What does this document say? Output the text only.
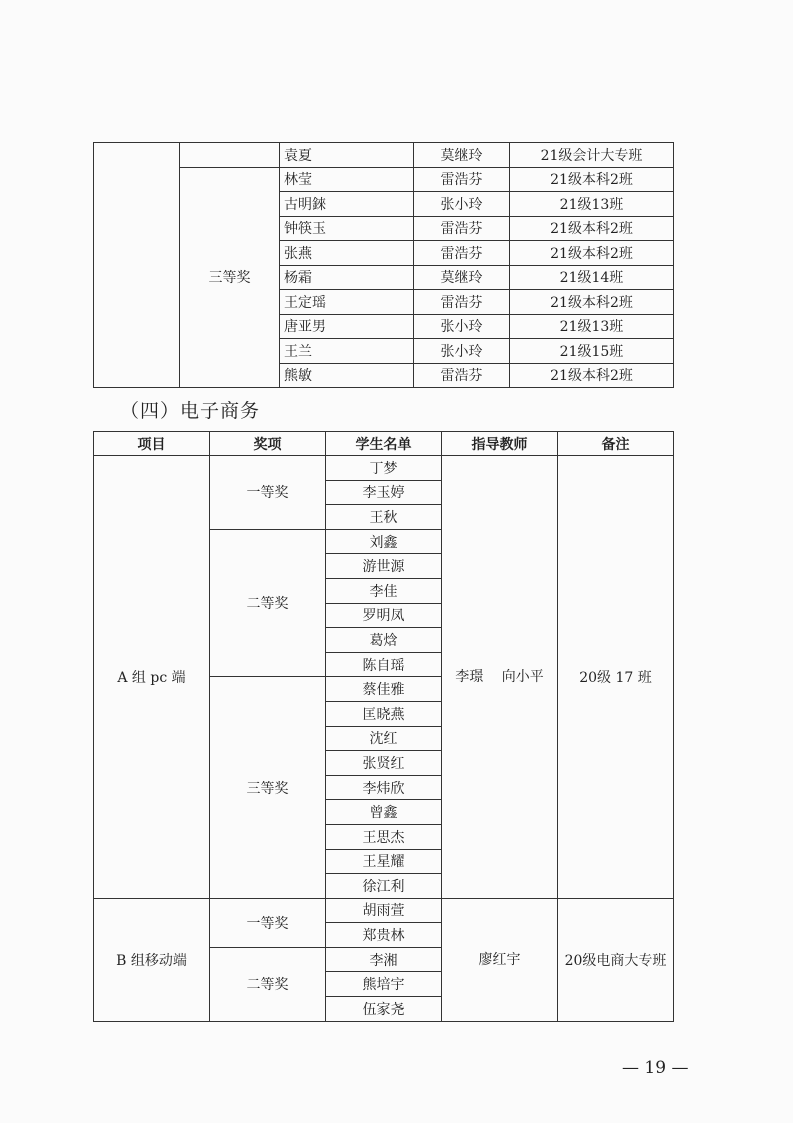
		袁夏	莫继玲	21级会计大专班
	三等奖	林莹	雷浩芬	21级本科2班
		古明錸	张小玲	21级13班
		钟筷玉	雷浩芬	21级本科2班
		张燕	雷浩芬	21级本科2班
		杨霜	莫继玲	21级14班
		王定瑶	雷浩芬	21级本科2班
		唐亚男	张小玲	21级13班
		王兰	张小玲	21级15班
		熊敏	雷浩芬	21级本科2班
（四）电子商务
项目	奖项	学生名单	指导教师	备注
A 组 pc 端	一等奖	丁梦	李璟　 向小平	20级 17 班
		李玉婷		
		王秋		
	二等奖	刘鑫		
		游世源		
		李佳		
		罗明凤		
		葛焓		
		陈自瑶		
	三等奖	蔡佳雅		
		匡晓燕		
		沈红		
		张贤红		
		李炜欣		
		曾鑫		
		王思杰		
		王星耀		
		徐江利		
B 组移动端	一等奖	胡雨萱	廖红宇	20级电商大专班
		郑贵林		
	二等奖	李湘		
		熊培宇		
		伍家尧		
— 19 —
